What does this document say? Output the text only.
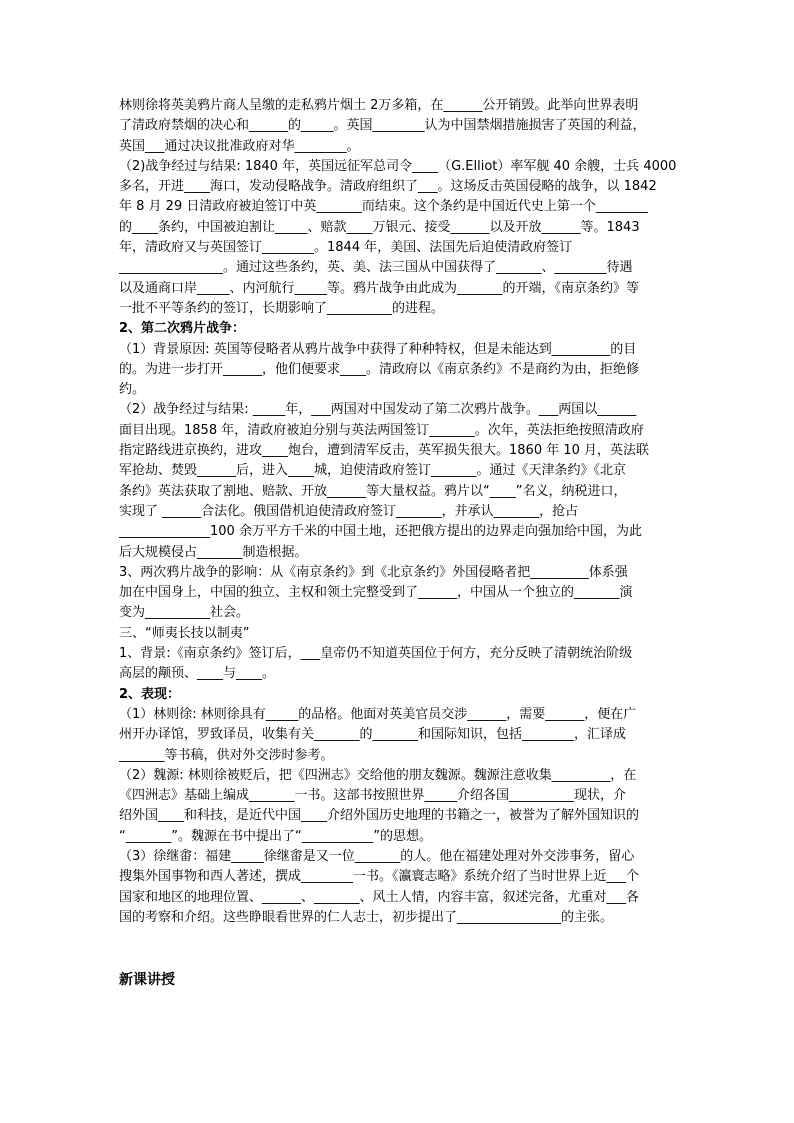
林则徐将英美鸦片商人呈缴的走私鸦片烟土 2万多箱，在______公开销毁。此举向世界表明
了清政府禁烟的决心和______的_____。英国________认为中国禁烟措施损害了英国的利益，
英国___通过决议批准政府对华________。
（2)战争经过与结果: 1840 年，英国远征军总司令____（G.Elliot）率军舰 40 余艘，士兵 4000
多名，开进____海口，发动侵略战争。清政府组织了___。这场反击英国侵略的战争，以 1842
年 8 月 29 日清政府被迫签订中英_______而结束。这个条约是中国近代史上第一个________
的____条约，中国被迫割让_____、赔款____万银元、接受______以及开放______等。1843
年，清政府又与英国签订________。1844 年，美国、法国先后迫使清政府签订
________________。通过这些条约，英、美、法三国从中国获得了_______、________待遇
以及通商口岸_____、内河航行_____等。鸦片战争由此成为_______的开端，《南京条约》等
一批不平等条约的签订，长期影响了__________的进程。
2、第二次鸦片战争：
（1）背景原因: 英国等侵略者从鸦片战争中获得了种种特权，但是未能达到_________的目
的。为进一步打开______，他们便要求____。清政府以《南京条约》不是商约为由，拒绝修
约。
（2）战争经过与结果: _____年，___两国对中国发动了第二次鸦片战争。___两国以______
面目出现。1858 年，清政府被迫分别与英法两国签订_______。次年，英法拒绝按照清政府
指定路线进京换约，进攻____炮台，遭到清军反击，英军损失很大。1860 年 10 月，英法联
军抢劫、焚毁______后，进入____城，迫使清政府签订_______。通过《天津条约》《北京
条约》英法获取了割地、赔款、开放______等大量权益。鸦片以“____”名义，纳税进口，
实现了 ______合法化。俄国借机迫使清政府签订_______，并承认_______，抢占
______________100 余万平方千米的中国土地，还把俄方提出的边界走向强加给中国，为此
后大规模侵占_______制造根据。
3、两次鸦片战争的影响：从《南京条约》到《北京条约》外国侵略者把_________体系强
加在中国身上，中国的独立、主权和领土完整受到了______，中国从一个独立的_______演
变为__________社会。
三、“师夷长技以制夷”
1、背景:《南京条约》签订后，___皇帝仍不知道英国位于何方，充分反映了清朝统治阶级
高层的颟顸、____与____。
2、表现：
（1）林则徐: 林则徐具有_____的品格。他面对英美官员交涉______，需要______，便在广
州开办译馆，罗致译员，收集有关_______的_______和国际知识，包括________，汇译成
_______等书稿，供对外交涉时参考。
（2）魏源: 林则徐被贬后，把《四洲志》交给他的朋友魏源。魏源注意收集_________，在
《四洲志》基础上编成_______一书。这部书按照世界_____介绍各国__________现状，介
绍外国____和科技，是近代中国____介绍外国历史地理的书籍之一，被誉为了解外国知识的
“_______”。魏源在书中提出了“___________”的思想。
（3）徐继畬：福建_____徐继畬是又一位_______的人。他在福建处理对外交涉事务，留心
搜集外国事物和西人著述，撰成________一书。《瀛寰志略》系统介绍了当时世界上近___个
国家和地区的地理位置、______、_______、风土人情，内容丰富，叙述完备，尤重对___各
国的考察和介绍。这些睁眼看世界的仁人志士，初步提出了________________的主张。
新课讲授
